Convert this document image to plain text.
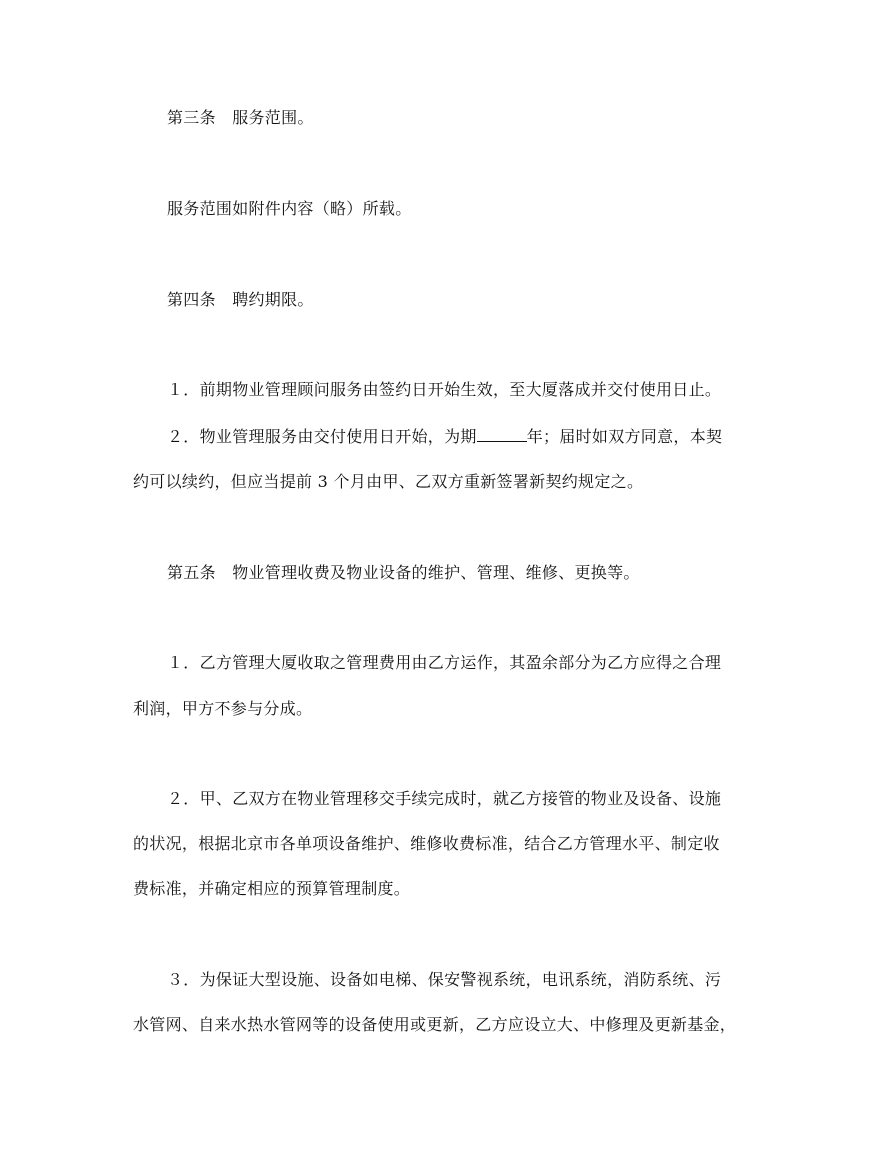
第三条　服务范围。
服务范围如附件内容（略）所载。
第四条　聘约期限。
１．前期物业管理顾问服务由签约日开始生效，至大厦落成并交付使用日止。
２．物业管理服务由交付使用日开始，为期	年；届时如双方同意，本契
约可以续约，但应当提前 3 个月由甲、乙双方重新签署新契约规定之。
第五条　物业管理收费及物业设备的维护、管理、维修、更换等。
１．乙方管理大厦收取之管理费用由乙方运作，其盈余部分为乙方应得之合理
利润，甲方不参与分成。
２．甲、乙双方在物业管理移交手续完成时，就乙方接管的物业及设备、设施
的状况，根据北京市各单项设备维护、维修收费标准，结合乙方管理水平、制定收
费标准，并确定相应的预算管理制度。
３．为保证大型设施、设备如电梯、保安警视系统，电讯系统，消防系统、污
水管网、自来水热水管网等的设备使用或更新，乙方应设立大、中修理及更新基金，
